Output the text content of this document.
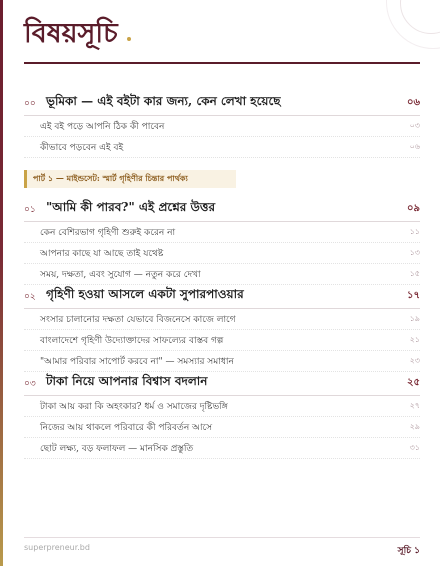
বিষয়সূচি
০০ ভূমিকা — এই বইটা কার জন্য, কেন লেখা হয়েছে	০৬
এই বই পড়ে আপনি ঠিক কী পাবেন	০৩
কীভাবে পড়বেন এই বই	০৬
পার্ট ১ — মাইন্ডসেট: স্মার্ট গৃহিণীর চিন্তার পার্থক্য
০১ "আমি কী পারব?" এই প্রশ্নের উত্তর	০৯
কেন বেশিরভাগ গৃহিণী শুরুই করেন না	১১
আপনার কাছে যা আছে তাই যথেষ্ট	১৩
সময়, দক্ষতা, এবং সুযোগ — নতুন করে দেখা	১৫
০২ গৃহিণী হওয়া আসলে একটা সুপারপাওয়ার	১৭
সংসার চালানোর দক্ষতা যেভাবে বিজনেসে কাজে লাগে	১৯
বাংলাদেশে গৃহিণী উদ্যোক্তাদের সাফল্যের বাস্তব গল্প	২১
"আমার পরিবার সাপোর্ট করবে না" — সমস্যার সমাধান	২৩
০৩ টাকা নিয়ে আপনার বিশ্বাস বদলান	২৫
টাকা আয় করা কি অহংকার? ধর্ম ও সমাজের দৃষ্টিভঙ্গি	২৭
নিজের আয় থাকলে পরিবারে কী পরিবর্তন আসে	২৯
ছোট লক্ষ্য, বড় ফলাফল — মানসিক প্রস্তুতি	৩১
superpreneur.bd	সূচি ১
